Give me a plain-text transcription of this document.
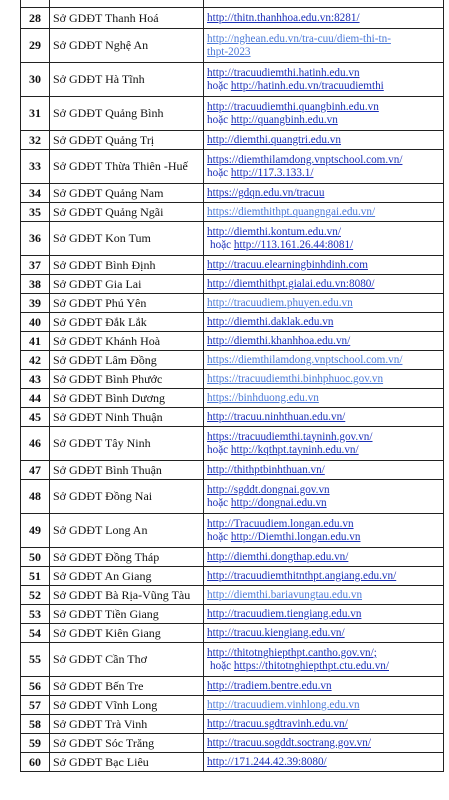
28	Sở GDĐT Thanh Hoá	http://thitn.thanhhoa.edu.vn:8281/

29	Sở GDĐT Nghệ An	http://nghean.edu.vn/tra-cuu/diem-thi-tn-
thpt-2023

30	Sở GDĐT Hà Tĩnh	http://tracuudiemthi.hatinh.edu.vn
hoặc http://hatinh.edu.vn/tracuudiemthi

31	Sở GDĐT Quảng Bình	http://tracuudiemthi.quangbinh.edu.vn
hoặc http://quangbinh.edu.vn

32	Sở GDĐT Quảng Trị	http://diemthi.quangtri.edu.vn

33	Sở GDĐT Thừa Thiên -Huế	https://diemthilamdong.vnptschool.com.vn/
hoặc http://117.3.133.1/

34	Sở GDĐT Quảng Nam	https://gdqn.edu.vn/tracuu

35	Sở GDĐT Quảng Ngãi	https://diemthithpt.quangngai.edu.vn/

36	Sở GDĐT Kon Tum	http://diemthi.kontum.edu.vn/
hoặc http://113.161.26.44:8081/

37	Sở GDĐT Bình Định	http://tracuu.elearningbinhdinh.com

38	Sở GDĐT Gia Lai	http://diemthithpt.gialai.edu.vn:8080/

39	Sở GDĐT Phú Yên	http://tracuudiem.phuyen.edu.vn

40	Sở GDĐT Đắk Lắk	http://diemthi.daklak.edu.vn

41	Sở GDĐT Khánh Hoà	http://diemthi.khanhhoa.edu.vn/

42	Sở GDĐT Lâm Đồng	https://diemthilamdong.vnptschool.com.vn/

43	Sở GDĐT Bình Phước	https://tracuudiemthi.binhphuoc.gov.vn

44	Sở GDĐT Bình Dương	https://binhduong.edu.vn

45	Sở GDĐT Ninh Thuận	http://tracuu.ninhthuan.edu.vn/

46	Sở GDĐT Tây Ninh	https://tracuudiemthi.tayninh.gov.vn/
hoặc http://kqthpt.tayninh.edu.vn/

47	Sở GDĐT Bình Thuận	http://thithptbinhthuan.vn/

48	Sở GDĐT Đồng Nai	http://sgddt.dongnai.gov.vn
hoặc http://dongnai.edu.vn

49	Sở GDĐT Long An	http://Tracuudiem.longan.edu.vn
hoặc http://Diemthi.longan.edu.vn

50	Sở GDĐT Đồng Tháp	http://diemthi.dongthap.edu.vn/

51	Sở GDĐT An Giang	http://tracuudiemthitnthpt.angiang.edu.vn/

52	Sở GDĐT Bà Rịa-Vũng Tàu	http://diemthi.bariavungtau.edu.vn

53	Sở GDĐT Tiền Giang	http://tracuudiem.tiengiang.edu.vn

54	Sở GDĐT Kiên Giang	http://tracuu.kiengiang.edu.vn/

55	Sở GDĐT Cần Thơ	http://thitotnghiepthpt.cantho.gov.vn/;
hoặc https://thitotnghiepthpt.ctu.edu.vn/

56	Sở GDĐT Bến Tre	http://tradiem.bentre.edu.vn

57	Sở GDĐT Vĩnh Long	http://tracuudiem.vinhlong.edu.vn

58	Sở GDĐT Trà Vinh	http://tracuu.sgdtravinh.edu.vn/

59	Sở GDĐT Sóc Trăng	http://tracuu.sogddt.soctrang.gov.vn/

60	Sở GDĐT Bạc Liêu	http://171.244.42.39:8080/
